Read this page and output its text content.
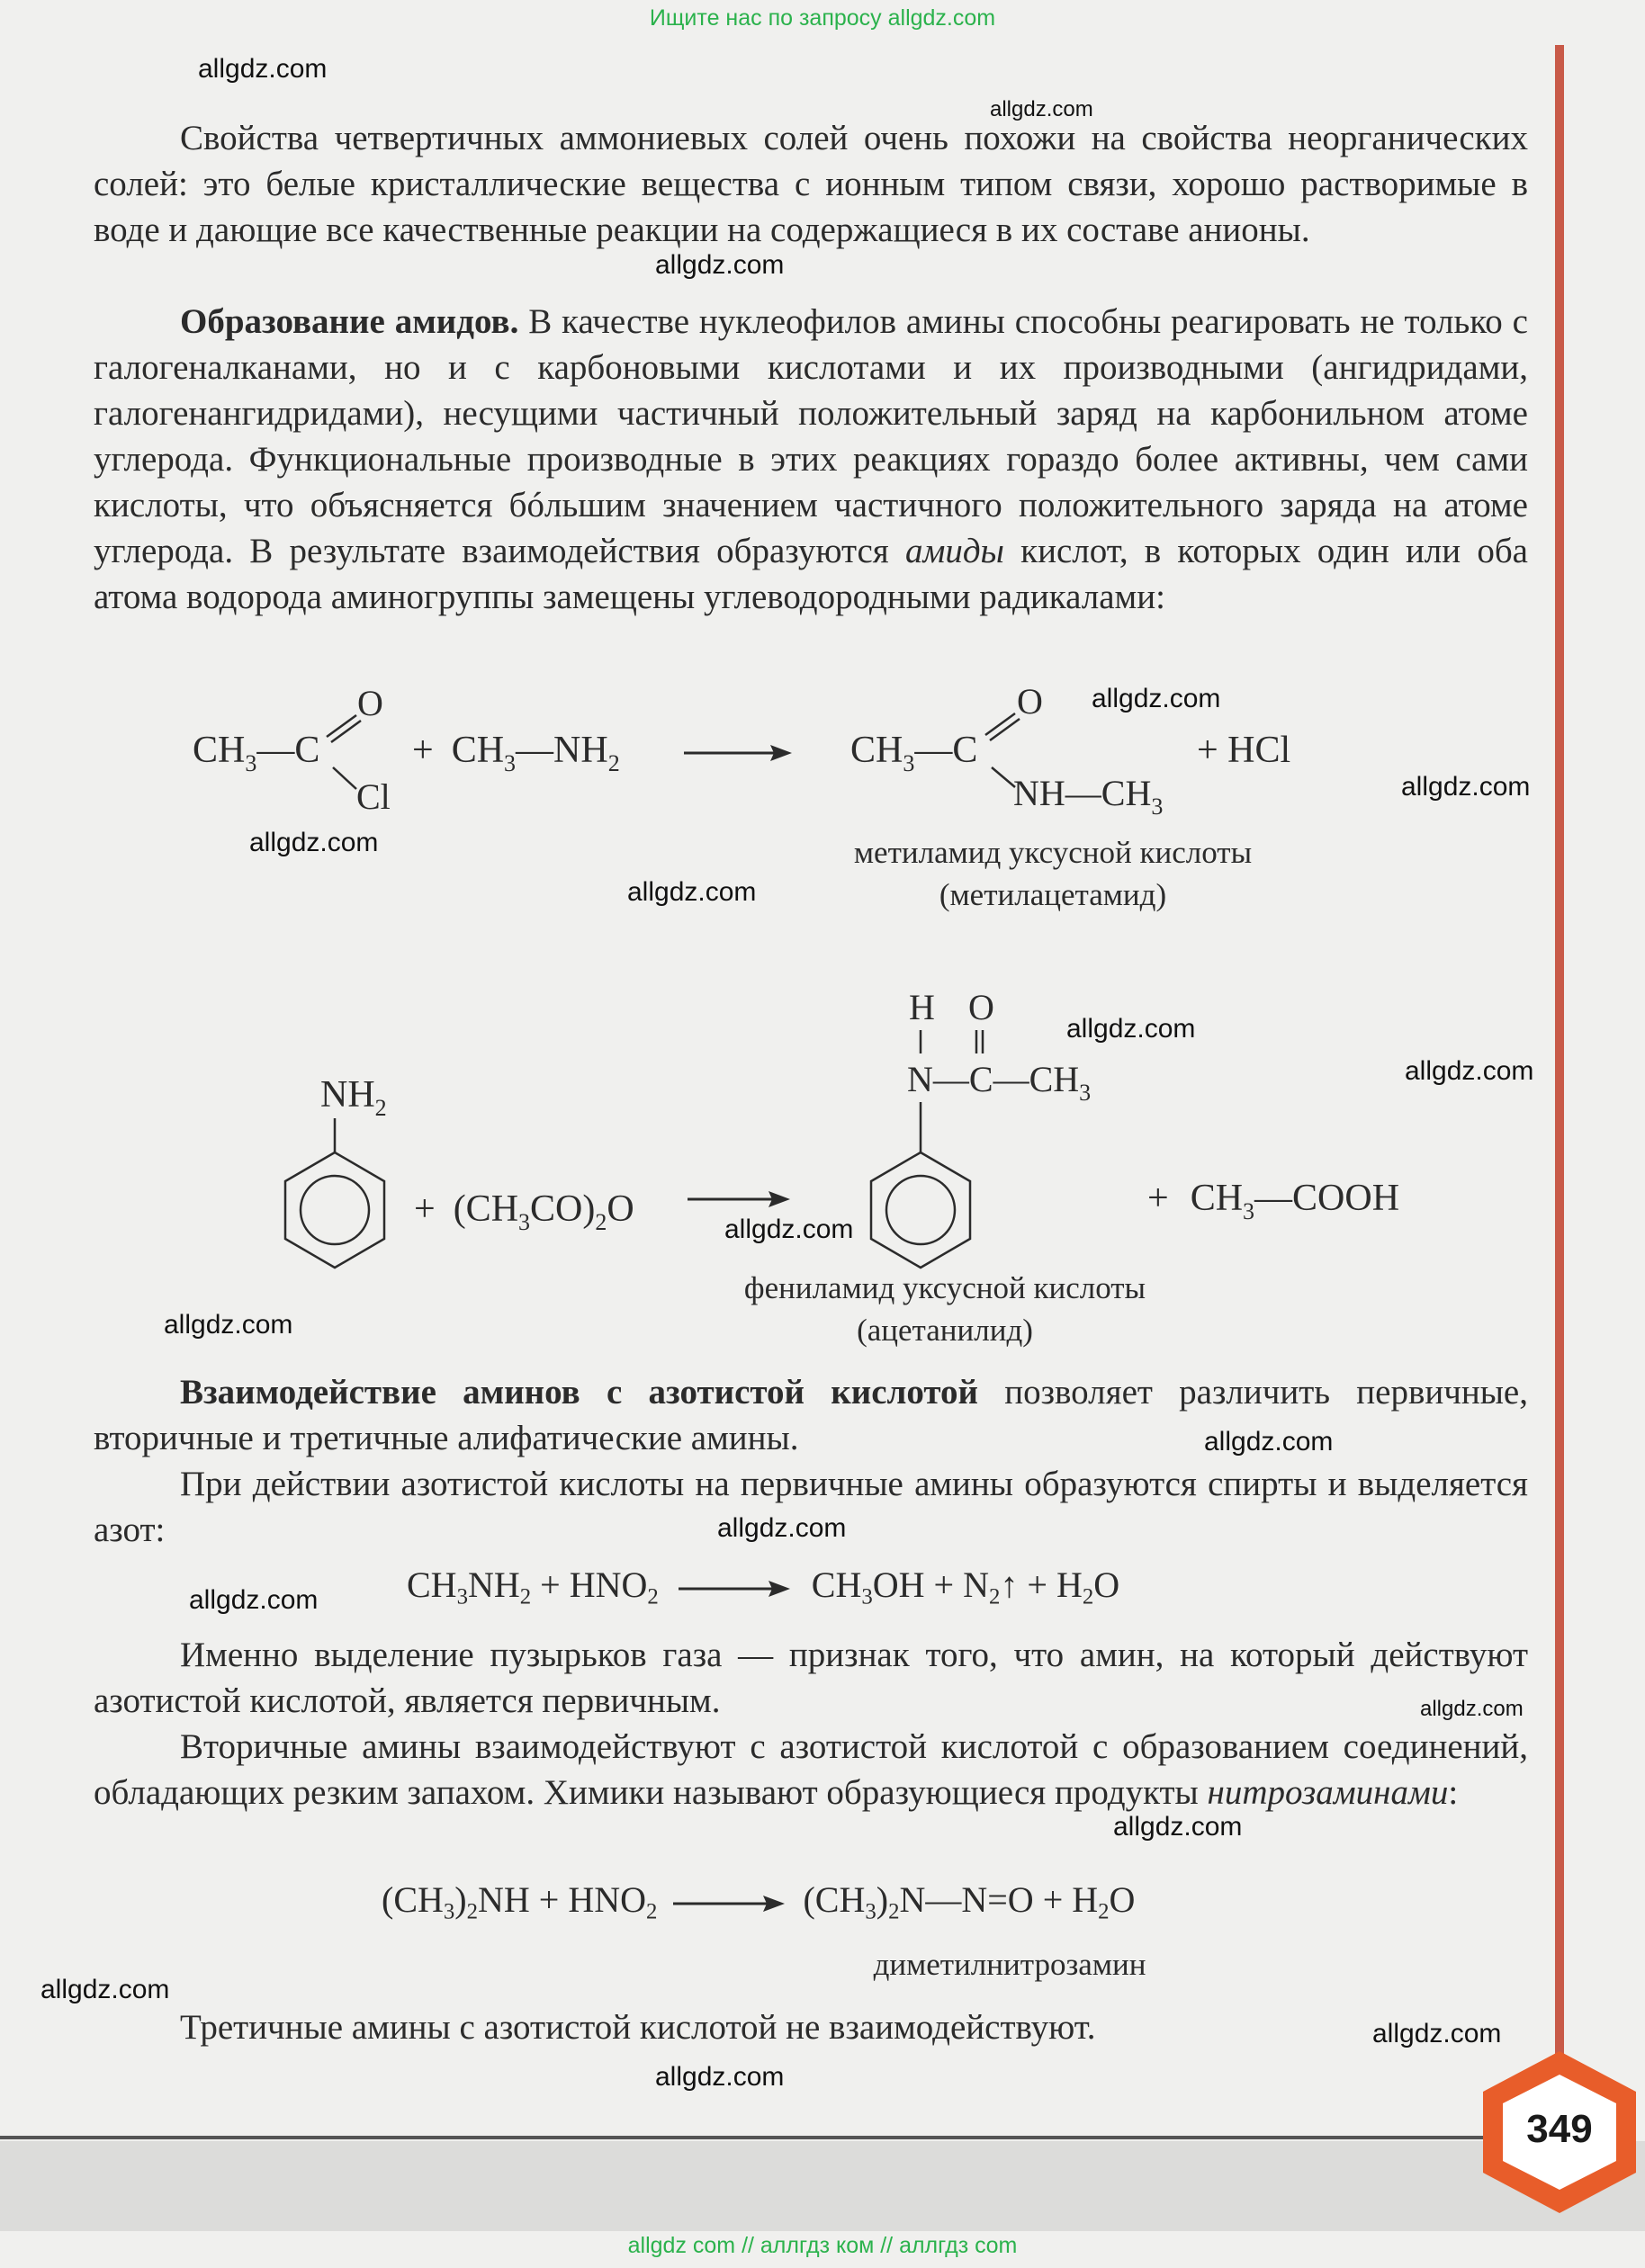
Ищите нас по запросу allgdz.com
allgdz com // аллгдз ком // аллгдз com
349

Свойства четвертичных аммониевых солей очень похожи на свойства неорганических солей: это белые кристаллические вещества с ионным типом связи, хорошо растворимые в воде и дающие все качественные реакции на содержащиеся в их составе анионы.

Образование амидов. В качестве нуклеофилов амины способны реагировать не только с галогеналканами, но и с карбоновыми кислотами и их производными (ангидридами, галогенангидридами), несущими частичный положительный заряд на карбонильном атоме углерода. Функциональные производные в этих реакциях гораздо более активны, чем сами кислоты, что объясняется бóльшим значением частичного положительного заряда на атоме углерода. В результате взаимодействия образуются амиды кислот, в которых один или оба атома водорода аминогруппы замещены углеводородными радикалами:

$CH_3—C$
O
Cl
+ $CH_3—NH_2$	$CH_3—C$
O
$NH—CH_3$
+ HCl
метиламид уксусной кислоты
(метилацетамид)
$NH_2$
+ $(CH_3CO)_2O$
H O
$N—C—CH_3$
+ $CH_3—COOH$
фениламид уксусной кислоты
(ацетанилид)

Взаимодействие аминов с азотистой кислотой позволяет различить первичные, вторичные и третичные алифатические амины.

При действии азотистой кислоты на первичные амины образуются спирты и выделяется азот:

$CH_3NH_2 + HNO_2 \to CH_3OH$ + $N_2↑ + H_2O$

Именно выделение пузырьков газа — признак того, что амин, на который действуют азотистой кислотой, является первичным.

Вторичные амины взаимодействуют с азотистой кислотой с образованием соединений, обладающих резким запахом. Химики называют образующиеся продукты нитрозаминами:

$(CH_3)_2NH + HNO_2$ → $(CH_3)_2N—N=O + H_2O$
диметилнитрозамин

Третичные амины с азотистой кислотой не взаимодействуют.

allgdz.com
allgdz.com
allgdz.com
allgdz.com
allgdz.com
allgdz.com
allgdz.com
allgdz.com
allgdz.com
allgdz.com
allgdz.com
allgdz.com
allgdz.com
allgdz.com
allgdz.com
allgdz.com
allgdz.com
allgdz.com
allgdz.com
